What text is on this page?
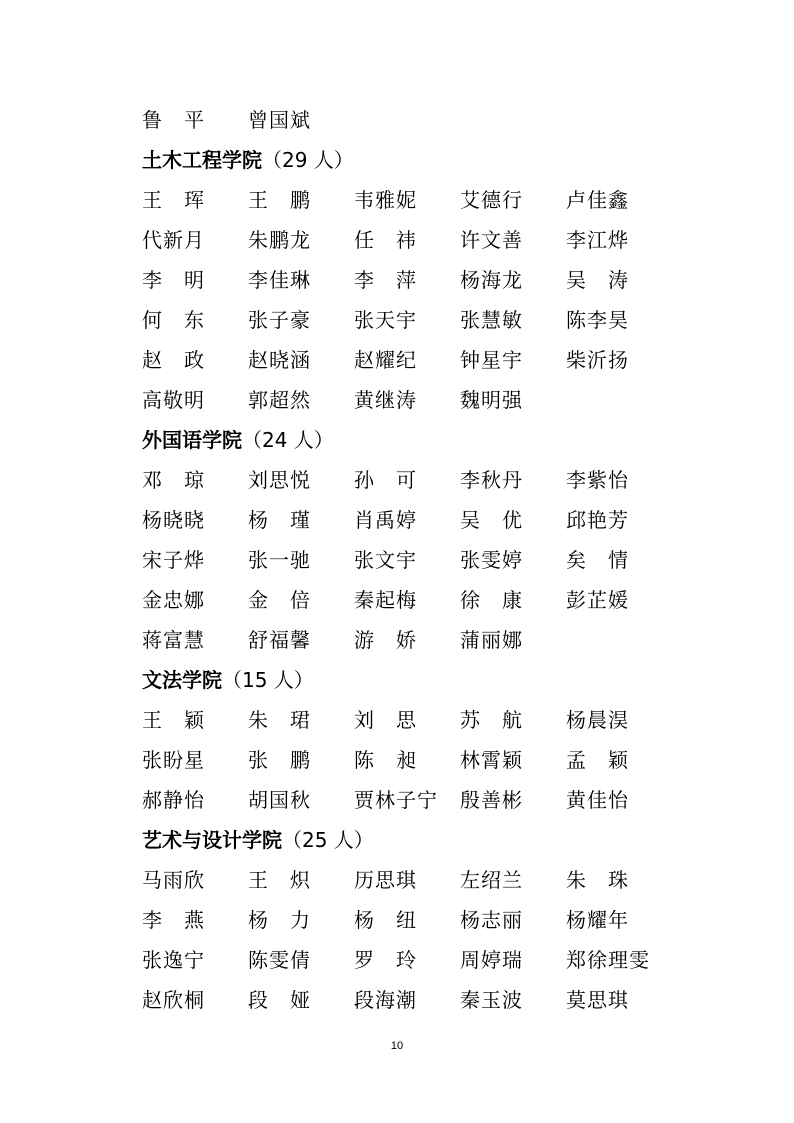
鲁　平	曾国斌
土木工程学院（29 人）
王　珲	王　鹏	韦雅妮	艾德行	卢佳鑫
代新月	朱鹏龙	任　祎	许文善	李江烨
李　明	李佳琳	李　萍	杨海龙	吴　涛
何　东	张子豪	张天宇	张慧敏	陈李昊
赵　政	赵晓涵	赵耀纪	钟星宇	柴沂扬
高敬明	郭超然	黄继涛	魏明强
外国语学院（24 人）
邓　琼	刘思悦	孙　可	李秋丹	李紫怡
杨晓晓	杨　瑾	肖禹婷	吴　优	邱艳芳
宋子烨	张一驰	张文宇	张雯婷	矣　情
金忠娜	金　倍	秦起梅	徐　康	彭芷媛
蒋富慧	舒福馨	游　娇	蒲丽娜
文法学院（15 人）
王　颖	朱　珺	刘　思	苏　航	杨晨淏
张盼星	张　鹏	陈　昶	林霄颖	孟　颖
郝静怡	胡国秋	贾林子宁	殷善彬	黄佳怡
艺术与设计学院（25 人）
马雨欣	王　炽	历思琪	左绍兰	朱　珠
李　燕	杨　力	杨　纽	杨志丽	杨耀年
张逸宁	陈雯倩	罗　玲	周婷瑞	郑徐理雯
赵欣桐	段　娅	段海潮	秦玉波	莫思琪
10
